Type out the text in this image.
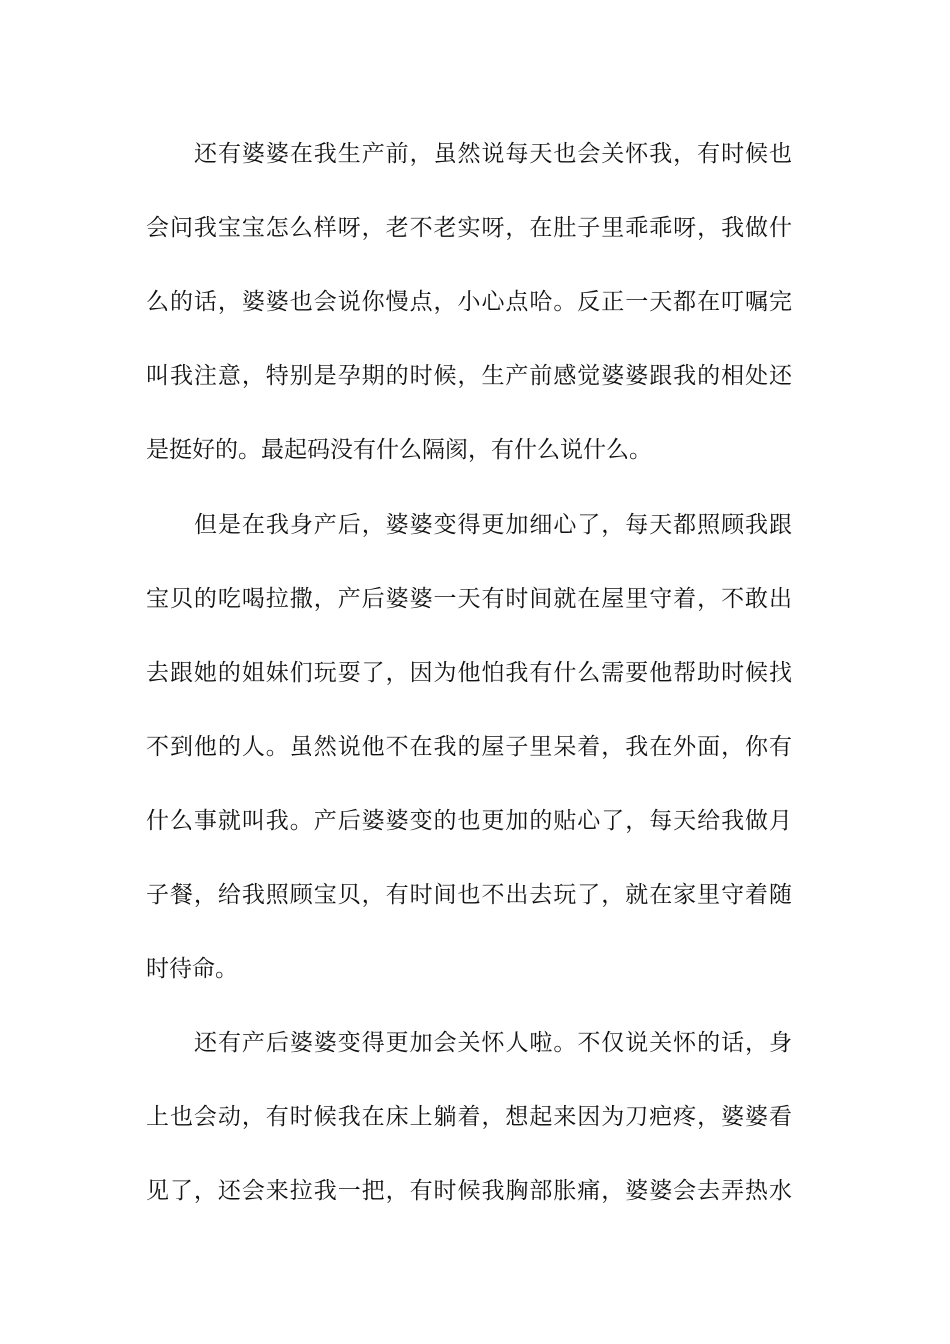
还有婆婆在我生产前，虽然说每天也会关怀我，有时候也
会问我宝宝怎么样呀，老不老实呀，在肚子里乖乖呀，我做什
么的话，婆婆也会说你慢点，小心点哈。反正一天都在叮嘱完
叫我注意，特别是孕期的时候，生产前感觉婆婆跟我的相处还
是挺好的。最起码没有什么隔阂，有什么说什么。
但是在我身产后，婆婆变得更加细心了，每天都照顾我跟
宝贝的吃喝拉撒，产后婆婆一天有时间就在屋里守着，不敢出
去跟她的姐妹们玩耍了，因为他怕我有什么需要他帮助时候找
不到他的人。虽然说他不在我的屋子里呆着，我在外面，你有
什么事就叫我。产后婆婆变的也更加的贴心了，每天给我做月
子餐，给我照顾宝贝，有时间也不出去玩了，就在家里守着随
时待命。
还有产后婆婆变得更加会关怀人啦。不仅说关怀的话，身
上也会动，有时候我在床上躺着，想起来因为刀疤疼，婆婆看
见了，还会来拉我一把，有时候我胸部胀痛，婆婆会去弄热水
